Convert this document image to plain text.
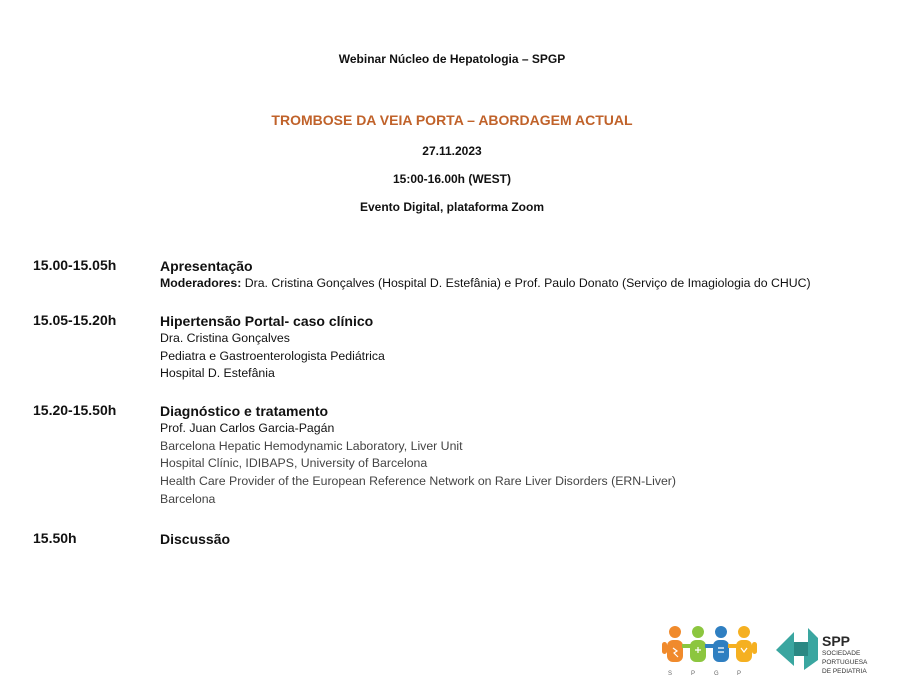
Webinar Núcleo de Hepatologia – SPGP
TROMBOSE DA VEIA PORTA – ABORDAGEM ACTUAL
27.11.2023
15:00-16.00h (WEST)
Evento Digital, plataforma Zoom
15.00-15.05h	Apresentação
Moderadores: Dra. Cristina Gonçalves (Hospital D. Estefânia) e Prof. Paulo Donato (Serviço de Imagiologia do CHUC)
15.05-15.20h	Hipertensão Portal- caso clínico
Dra. Cristina Gonçalves
Pediatra e Gastroenterologista Pediátrica
Hospital D. Estefânia
15.20-15.50h	Diagnóstico e tratamento
Prof. Juan Carlos Garcia-Pagán
Barcelona Hepatic Hemodynamic Laboratory, Liver Unit
Hospital Clínic, IDIBAPS, University of Barcelona
Health Care Provider of the European Reference Network on Rare Liver Disorders (ERN-Liver)
Barcelona
15.50h	Discussão
S	P	G	P
SPP
SOCIEDADE
PORTUGUESA
DE PEDIATRIA
